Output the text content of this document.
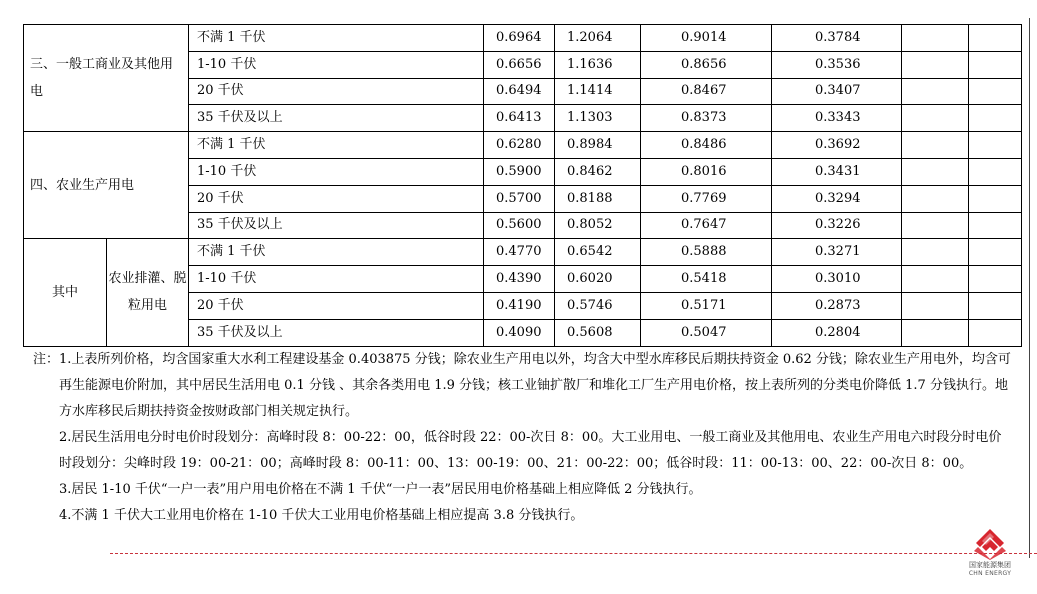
三、一般工商业及其他用电		不满 1 千伏	0.6964	1.2064	0.9014	0.3784		
		1-10 千伏	0.6656	1.1636	0.8656	0.3536		
		20 千伏	0.6494	1.1414	0.8467	0.3407		
		35 千伏及以上	0.6413	1.1303	0.8373	0.3343		
四、农业生产用电		不满 1 千伏	0.6280	0.8984	0.8486	0.3692		
		1-10 千伏	0.5900	0.8462	0.8016	0.3431		
		20 千伏	0.5700	0.8188	0.7769	0.3294		
		35 千伏及以上	0.5600	0.8052	0.7647	0.3226		
其中	农业排灌、脱粒用电	不满 1 千伏	0.4770	0.6542	0.5888	0.3271		
		1-10 千伏	0.4390	0.6020	0.5418	0.3010		
		20 千伏	0.4190	0.5746	0.5171	0.2873		
		35 千伏及以上	0.4090	0.5608	0.5047	0.2804		
注： 1.上表所列价格，均含国家重大水利工程建设基金 0.403875 分钱；除农业生产用电以外，均含大中型水库移民后期扶持资金 0.62 分钱；除农业生产用电外，均含可再生能源电价附加，其中居民生活用电 0.1 分钱 、其余各类用电 1.9 分钱；核工业铀扩散厂和堆化工厂生产用电价格，按上表所列的分类电价降低 1.7 分钱执行。地方水库移民后期扶持资金按财政部门相关规定执行。
2.居民生活用电分时电价时段划分：高峰时段 8：00-22：00，低谷时段 22：00-次日 8：00。大工业用电、一般工商业及其他用电、农业生产用电六时段分时电价时段划分：尖峰时段 19：00-21：00；高峰时段 8：00-11：00、13：00-19：00、21：00-22：00；低谷时段：11：00-13：00、22：00-次日 8：00。
3.居民 1-10 千伏“一户一表”用户用电价格在不满 1 千伏“一户一表”居民用电价格基础上相应降低 2 分钱执行。
4.不满 1 千伏大工业用电价格在 1-10 千伏大工业用电价格基础上相应提高 3.8 分钱执行。
国家能源集团
CHN ENERGY
